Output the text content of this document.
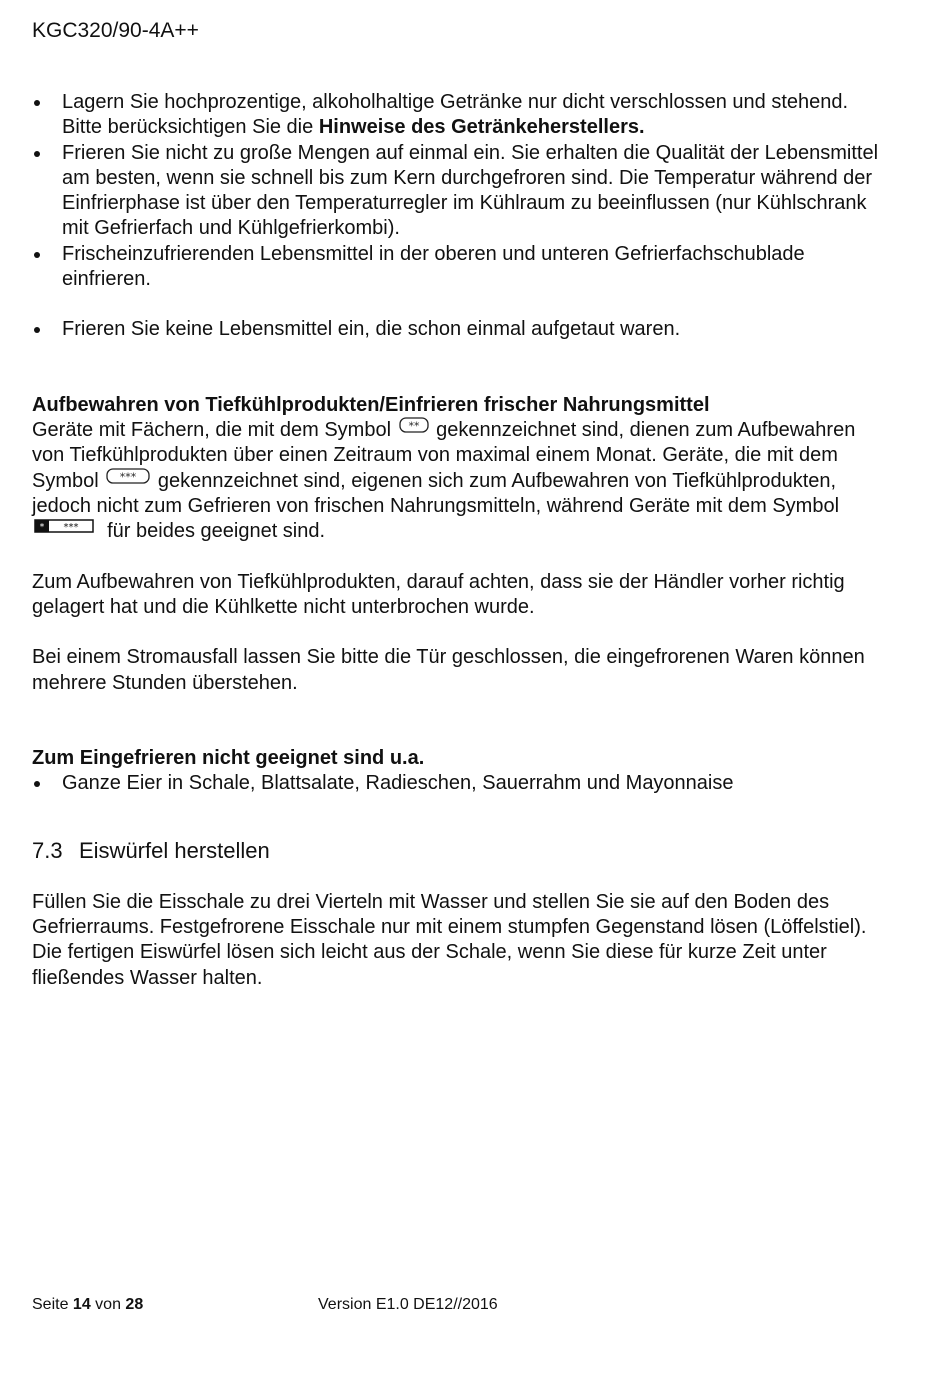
KGC320/90-4A++
Lagern Sie hochprozentige, alkoholhaltige Getränke nur dicht verschlossen und stehend. Bitte berücksichtigen Sie die Hinweise des Getränkeherstellers.
Frieren Sie nicht zu große Mengen auf einmal ein. Sie erhalten die Qualität der Lebensmittel am besten, wenn sie schnell bis zum Kern durchgefroren sind. Die Temperatur während der Einfrierphase ist über den Temperaturregler im Kühlraum zu beeinflussen (nur Kühlschrank mit Gefrierfach und Kühlgefrierkombi).
Frischeinzufrierenden Lebensmittel in der oberen und unteren Gefrierfachschublade einfrieren.
Frieren Sie keine Lebensmittel ein, die schon einmal aufgetaut waren.

Aufbewahren von Tiefkühlprodukten/Einfrieren frischer Nahrungsmittel

Geräte mit Fächern, die mit dem Symbol ** gekennzeichnet sind, dienen zum Aufbewahren von Tiefkühlprodukten über einen Zeitraum von maximal einem Monat. Geräte, die mit dem Symbol *** gekennzeichnet sind, eigenen sich zum Aufbewahren von Tiefkühlprodukten, jedoch nicht zum Gefrieren von frischen Nahrungsmitteln, während Geräte mit dem Symbol
* *** für beides geeignet sind.

Zum Aufbewahren von Tiefkühlprodukten, darauf achten, dass sie der Händler vorher richtig gelagert hat und die Kühlkette nicht unterbrochen wurde.

Bei einem Stromausfall lassen Sie bitte die Tür geschlossen, die eingefrorenen Waren können mehrere Stunden überstehen.

Zum Eingefrieren nicht geeignet sind u.a.

Ganze Eier in Schale, Blattsalate, Radieschen, Sauerrahm und Mayonnaise

7.3 Eiswürfel herstellen

Füllen Sie die Eisschale zu drei Vierteln mit Wasser und stellen Sie sie auf den Boden des Gefrierraums. Festgefrorene Eisschale nur mit einem stumpfen Gegenstand lösen (Löffelstiel). Die fertigen Eiswürfel lösen sich leicht aus der Schale, wenn Sie diese für kurze Zeit unter fließendes Wasser halten.

Seite 14 von 28	Version E1.0 DE12//2016
